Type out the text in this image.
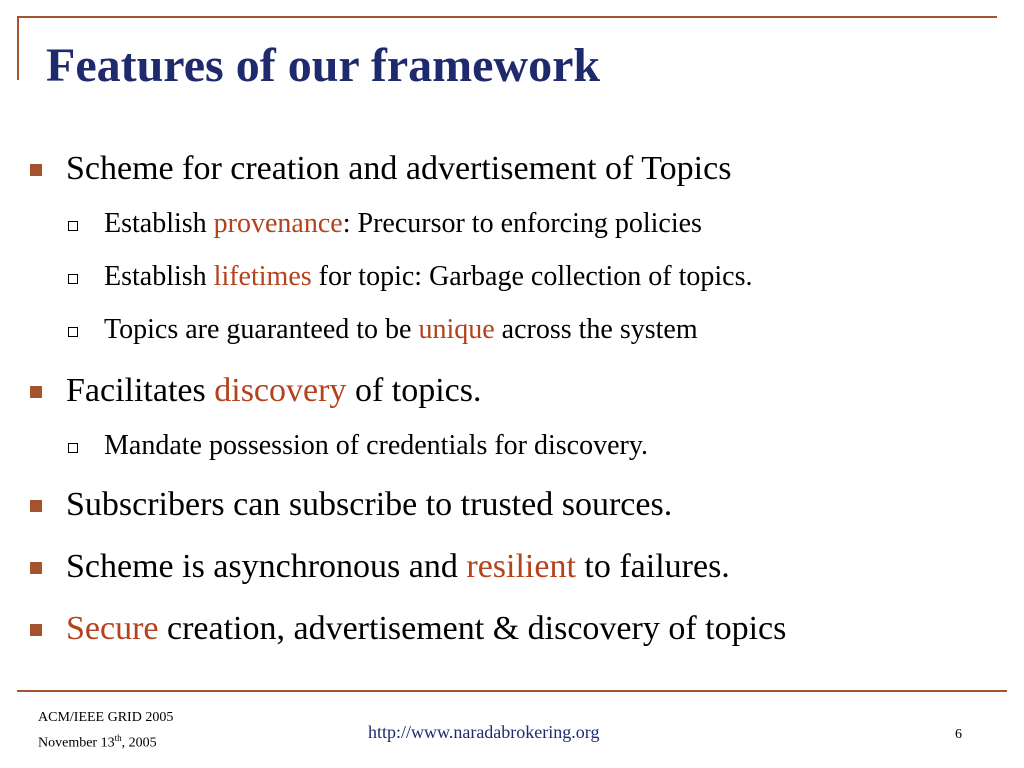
Features of our framework
Scheme for creation and advertisement of Topics
Establish provenance: Precursor to enforcing policies
Establish lifetimes for topic: Garbage collection of topics.
Topics are guaranteed to be unique across the system
Facilitates discovery of topics.
Mandate possession of credentials for discovery.
Subscribers can subscribe to trusted sources.
Scheme is asynchronous and resilient to failures.
Secure creation, advertisement & discovery of topics
ACM/IEEE GRID 2005
November 13th, 2005
http://www.naradabrokering.org	6
